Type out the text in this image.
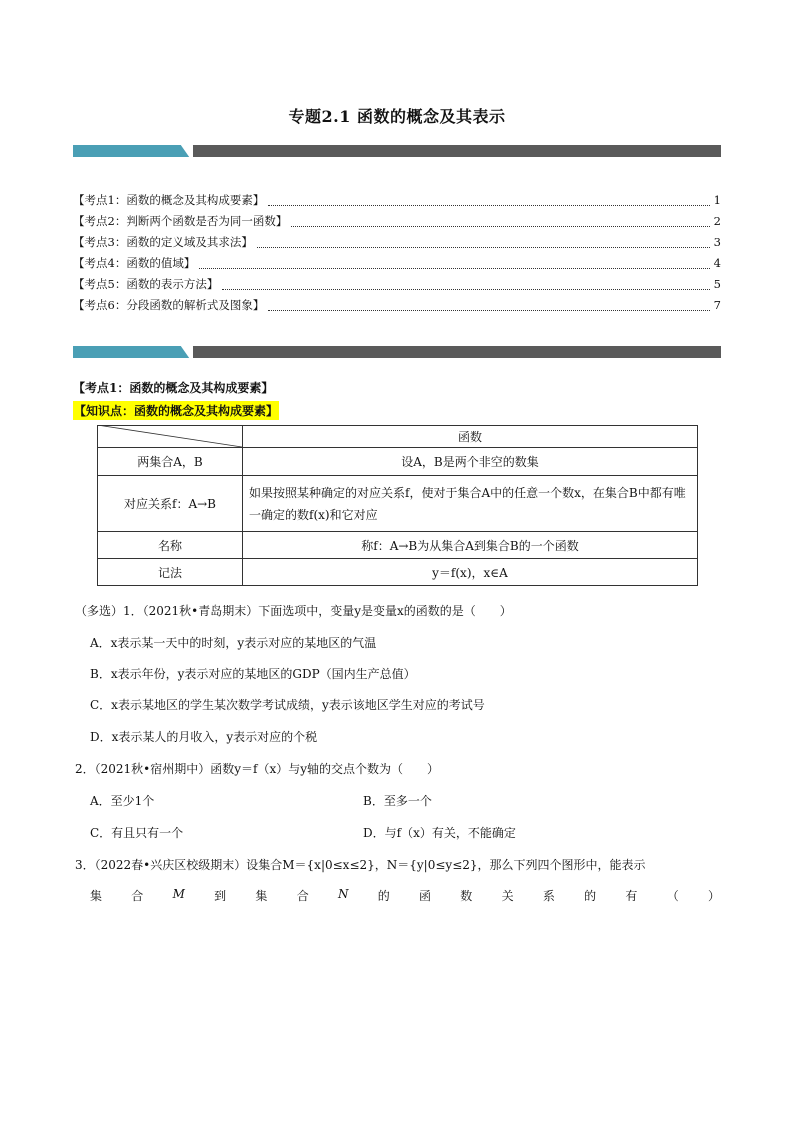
专题2.1 函数的概念及其表示
【考点1：函数的概念及其构成要素】	1
【考点2：判断两个函数是否为同一函数】	2
【考点3：函数的定义域及其求法】	3
【考点4：函数的值域】	4
【考点5：函数的表示方法】	5
【考点6：分段函数的解析式及图象】	7
【考点1：函数的概念及其构成要素】
【知识点：函数的概念及其构成要素】
	函数
两集合A，B	设A，B是两个非空的数集
对应关系f：A→B	如果按照某种确定的对应关系f，使对于集合A中的任意一个数x，在集合B中都有唯一确定的数f(x)和它对应
名称	称f：A→B为从集合A到集合B的一个函数
记法	y＝f(x)，x∈A
（多选）1．（2021秋•青岛期末）下面选项中，变量y是变量x的函数的是（　　）
A．x表示某一天中的时刻，y表示对应的某地区的气温
B．x表示年份，y表示对应的某地区的GDP（国内生产总值）
C．x表示某地区的学生某次数学考试成绩，y表示该地区学生对应的考试号
D．x表示某人的月收入，y表示对应的个税
2．（2021秋•宿州期中）函数y＝f（x）与y轴的交点个数为（　　）
A．至少1个	B．至多一个
C．有且只有一个	D．与f（x）有关，不能确定
3．（2022春•兴庆区校级期末）设集合M＝{x|0≤x≤2}，N＝{y|0≤y≤2}，那么下列四个图形中，能表示
集 合 M 到 集 合 N 的 函 数 关 系 的 有 （ ）
